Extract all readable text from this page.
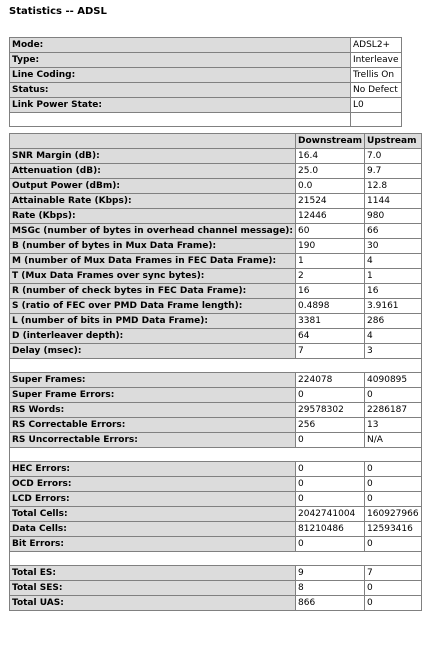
Statistics -- ADSL
Mode:	ADSL2+
Type:	Interleave
Line Coding:	Trellis On
Status:	No Defect
Link Power State:	L0

	Downstream	Upstream
SNR Margin (dB):	16.4	7.0
Attenuation (dB):	25.0	9.7
Output Power (dBm):	0.0	12.8
Attainable Rate (Kbps):	21524	1144
Rate (Kbps):	12446	980
MSGc (number of bytes in overhead channel message):	60	66
B (number of bytes in Mux Data Frame):	190	30
M (number of Mux Data Frames in FEC Data Frame):	1	4
T (Mux Data Frames over sync bytes):	2	1
R (number of check bytes in FEC Data Frame):	16	16
S (ratio of FEC over PMD Data Frame length):	0.4898	3.9161
L (number of bits in PMD Data Frame):	3381	286
D (interleaver depth):	64	4
Delay (msec):	7	3

Super Frames:	224078	4090895
Super Frame Errors:	0	0
RS Words:	29578302	2286187
RS Correctable Errors:	256	13
RS Uncorrectable Errors:	0	N/A

HEC Errors:	0	0
OCD Errors:	0	0
LCD Errors:	0	0
Total Cells:	2042741004	160927966
Data Cells:	81210486	12593416
Bit Errors:	0	0

Total ES:	9	7
Total SES:	8	0
Total UAS:	866	0
